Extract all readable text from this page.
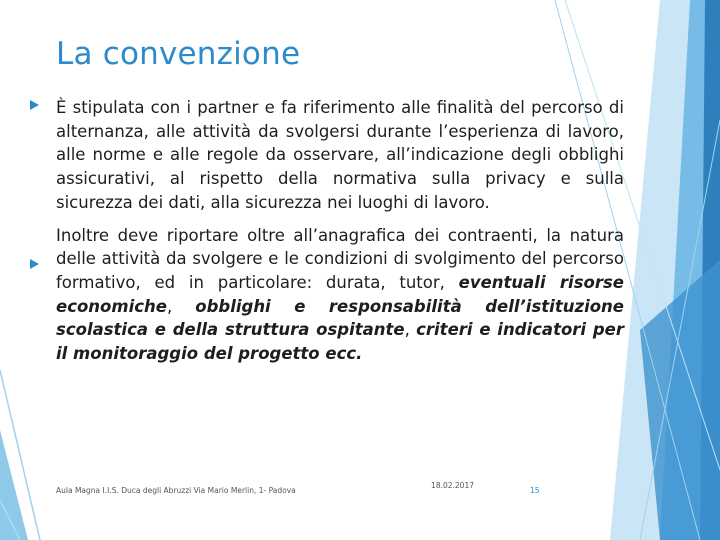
La convenzione

È stipulata con i partner e fa riferimento alle finalità del percorso di alternanza, alle attività da svolgersi durante l’esperienza di lavoro, alle norme e alle regole da osservare, all’indicazione degli obblighi assicurativi, al rispetto della normativa sulla privacy e sulla sicurezza dei dati, alla sicurezza nei luoghi di lavoro.

Inoltre deve riportare oltre all’anagrafica dei contraenti, la natura delle attività da svolgere e le condizioni di svolgimento del percorso formativo, ed in particolare: durata, tutor, eventuali risorse economiche, obblighi e responsabilità dell’istituzione scolastica e della struttura ospitante, criteri e indicatori per il monitoraggio del progetto ecc.

Aula Magna I.I.S. Duca degli Abruzzi Via Mario Merlin, 1- Padova
18.02.2017
15
